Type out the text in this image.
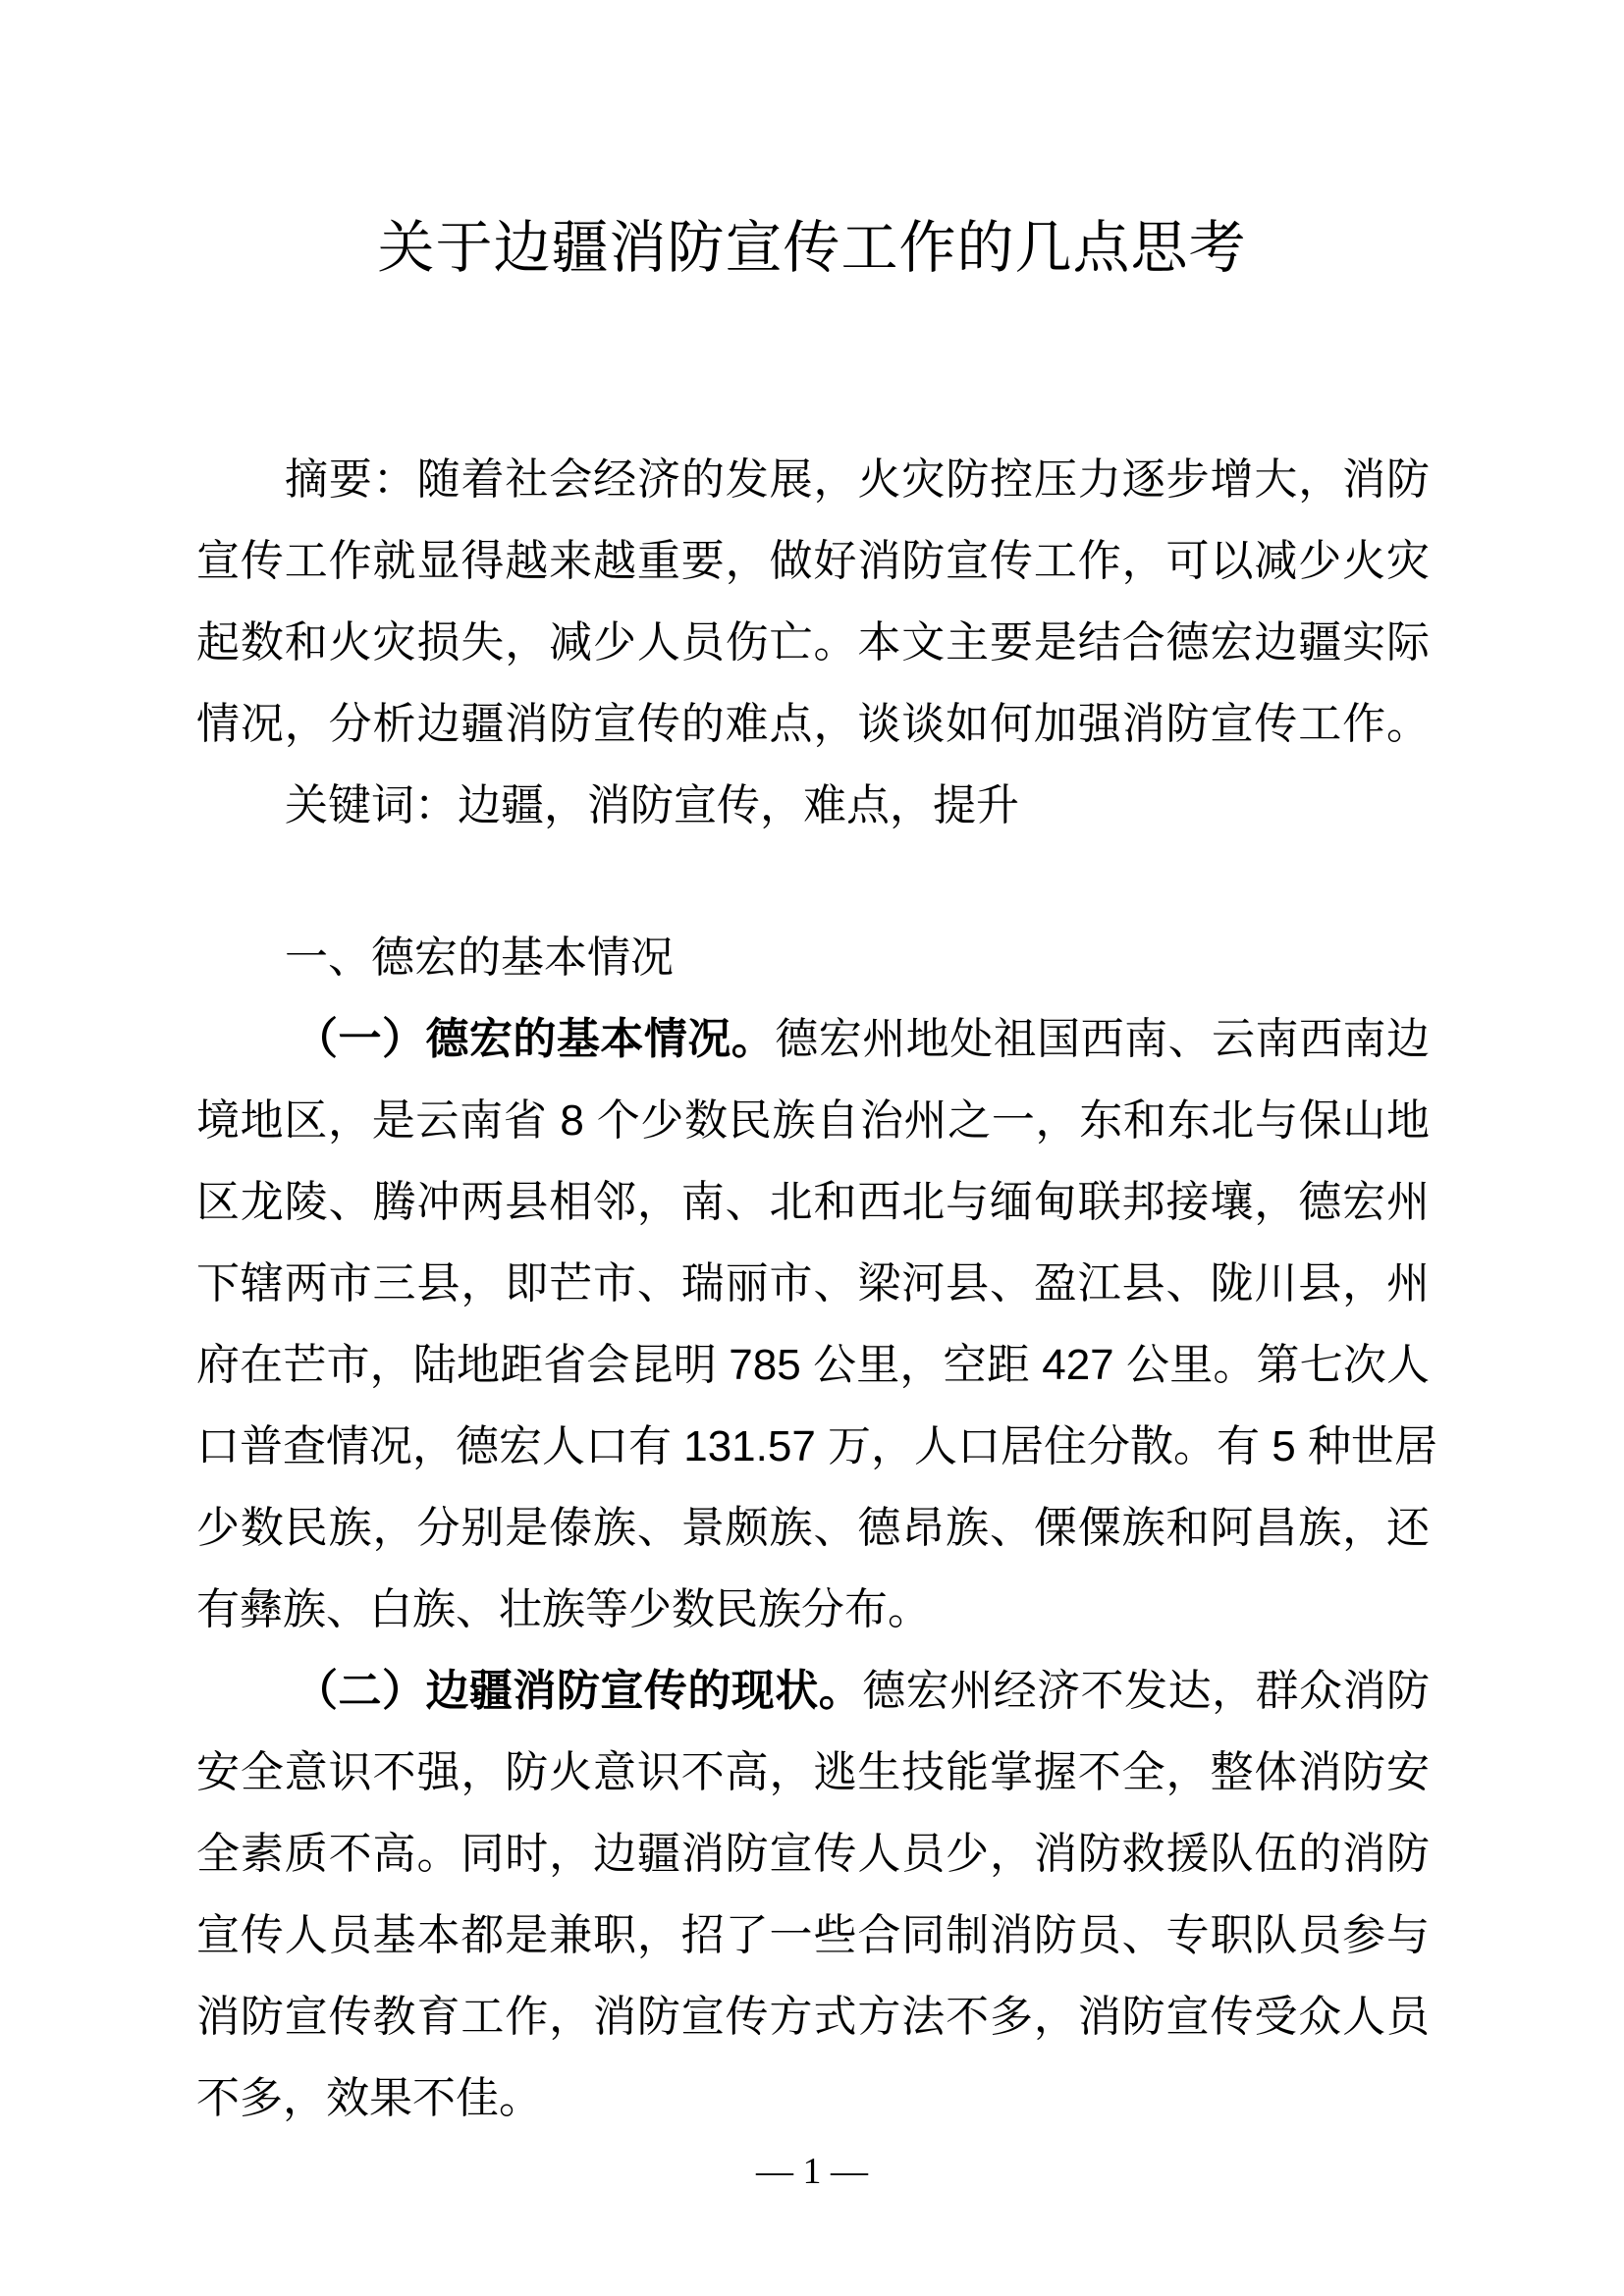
关于边疆消防宣传工作的几点思考
摘要：随着社会经济的发展，火灾防控压力逐步增大，消防
宣传工作就显得越来越重要，做好消防宣传工作，可以减少火灾
起数和火灾损失，减少人员伤亡。本文主要是结合德宏边疆实际
情况，分析边疆消防宣传的难点，谈谈如何加强消防宣传工作。
关键词：边疆，消防宣传，难点，提升
一、德宏的基本情况
（一）德宏的基本情况。德宏州地处祖国西南、云南西南边
境地区，是云南省 8 个少数民族自治州之一，东和东北与保山地
区龙陵、腾冲两县相邻，南、北和西北与缅甸联邦接壤，德宏州
下辖两市三县，即芒市、瑞丽市、梁河县、盈江县、陇川县，州
府在芒市，陆地距省会昆明 785 公里，空距 427 公里。第七次人
口普查情况，德宏人口有 131.57 万，人口居住分散。有 5 种世居
少数民族，分别是傣族、景颇族、德昂族、傈僳族和阿昌族，还
有彝族、白族、壮族等少数民族分布。
（二）边疆消防宣传的现状。德宏州经济不发达，群众消防
安全意识不强，防火意识不高，逃生技能掌握不全，整体消防安
全素质不高。同时，边疆消防宣传人员少，消防救援队伍的消防
宣传人员基本都是兼职，招了一些合同制消防员、专职队员参与
消防宣传教育工作，消防宣传方式方法不多，消防宣传受众人员
不多，效果不佳。
— 1 —
